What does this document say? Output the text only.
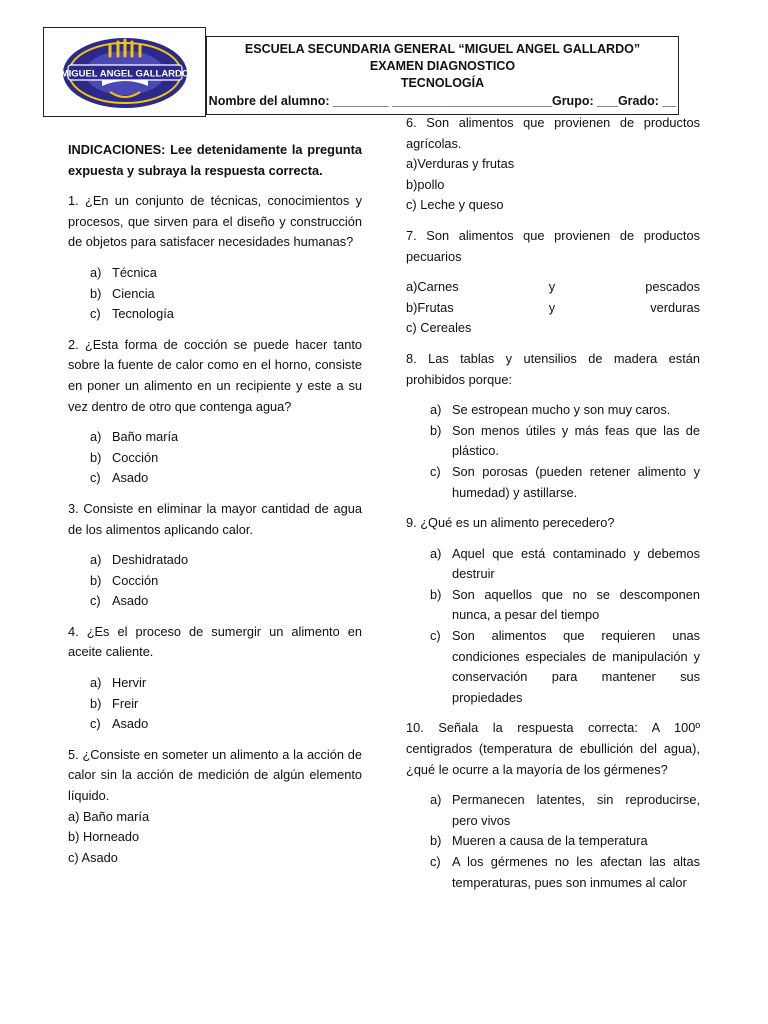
MIGUEL ANGEL GALLARDO
ESCUELA SECUNDARIA GENERAL “MIGUEL ANGEL GALLARDO”
EXAMEN DIAGNOSTICO
TECNOLOGÍA
Nombre del alumno: ________ _______________________Grupo: ___Grado: __

INDICACIONES: Lee detenidamente la pregunta expuesta y subraya la respuesta correcta.

1. ¿En un conjunto de técnicas, conocimientos y procesos, que sirven para el diseño y construcción de objetos para satisfacer necesidades humanas?

a) Técnica
b) Ciencia
c) Tecnología

2. ¿Esta forma de cocción se puede hacer tanto sobre la fuente de calor como en el horno, consiste en poner un alimento en un recipiente y este a su vez dentro de otro que contenga agua?

a) Baño maría
b) Cocción
c) Asado

3. Consiste en eliminar la mayor cantidad de agua de los alimentos aplicando calor.

a) Deshidratado
b) Cocción
c) Asado

4. ¿Es el proceso de sumergir un alimento en aceite caliente.

a) Hervir
b) Freir
c) Asado

5. ¿Consiste en someter un alimento a la acción de calor sin la acción de medición de algún elemento líquido.

a) Baño maría
b) Horneado
c) Asado

6. Son alimentos que provienen de productos agrícolas.

a)Verduras y frutas
b)pollo
c) Leche y queso

7. Son alimentos que provienen de productos pecuarios

a)Carnes	y	pescados
b)Frutas	y	verduras
c) Cereales

8. Las tablas y utensilios de madera están prohibidos porque:

a) Se estropean mucho y son muy caros.
b) Son menos útiles y más feas que las de plástico.
c) Son porosas (pueden retener alimento y humedad) y astillarse.

9. ¿Qué es un alimento perecedero?

a) Aquel que está contaminado y debemos destruir
b) Son aquellos que no se descomponen nunca, a pesar del tiempo
c) Son alimentos que requieren unas condiciones especiales de manipulación y conservación para mantener sus propiedades

10. Señala la respuesta correcta: A 100º centigrados (temperatura de ebullición del agua), ¿qué le ocurre a la mayoría de los gérmenes?

a) Permanecen latentes, sin reproducirse, pero vivos
b) Mueren a causa de la temperatura
c) A los gérmenes no les afectan las altas temperaturas, pues son inmumes al calor
